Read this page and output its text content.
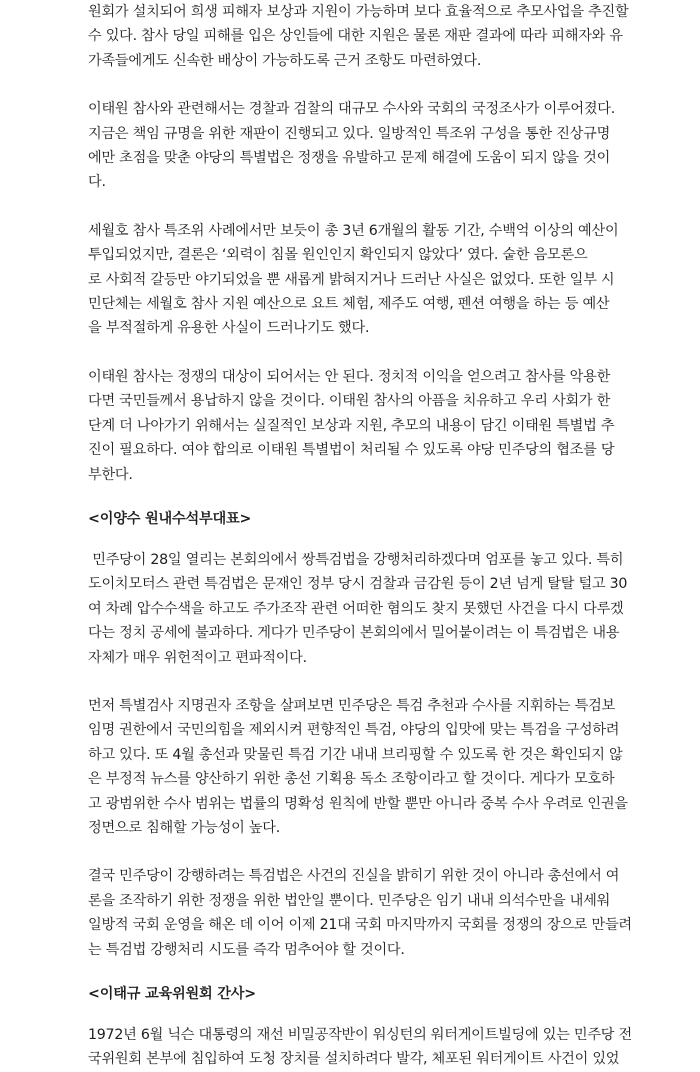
원회가 설치되어 희생 피해자 보상과 지원이 가능하며 보다 효율적으로 추모사업을 추진할
수 있다. 참사 당일 피해를 입은 상인들에 대한 지원은 물론 재판 결과에 따라 피해자와 유
가족들에게도 신속한 배상이 가능하도록 근거 조항도 마련하였다.

이태원 참사와 관련해서는 경찰과 검찰의 대규모 수사와 국회의 국정조사가 이루어졌다.
지금은 책임 규명을 위한 재판이 진행되고 있다. 일방적인 특조위 구성을 통한 진상규명
에만 초점을 맞춘 야당의 특별법은 정쟁을 유발하고 문제 해결에 도움이 되지 않을 것이
다.

세월호 참사 특조위 사례에서만 보듯이 총 3년 6개월의 활동 기간, 수백억 이상의 예산이
투입되었지만, 결론은 ‘외력이 침몰 원인인지 확인되지 않았다’ 였다. 숱한 음모론으
로 사회적 갈등만 야기되었을 뿐 새롭게 밝혀지거나 드러난 사실은 없었다. 또한 일부 시
민단체는 세월호 참사 지원 예산으로 요트 체험, 제주도 여행, 펜션 여행을 하는 등 예산
을 부적절하게 유용한 사실이 드러나기도 했다.

이태원 참사는 정쟁의 대상이 되어서는 안 된다. 정치적 이익을 얻으려고 참사를 악용한
다면 국민들께서 용납하지 않을 것이다. 이태원 참사의 아픔을 치유하고 우리 사회가 한
단계 더 나아가기 위해서는 실질적인 보상과 지원, 추모의 내용이 담긴 이태원 특별법 추
진이 필요하다. 여야 합의로 이태원 특별법이 처리될 수 있도록 야당 민주당의 협조를 당
부한다.

<이양수 원내수석부대표>

민주당이 28일 열리는 본회의에서 쌍특검법을 강행처리하겠다며 엄포를 놓고 있다. 특히
도이치모터스 관련 특검법은 문재인 정부 당시 검찰과 금감원 등이 2년 넘게 탈탈 털고 30
여 차례 압수수색을 하고도 주가조작 관련 어떠한 혐의도 찾지 못했던 사건을 다시 다루겠
다는 정치 공세에 불과하다. 게다가 민주당이 본회의에서 밀어붙이려는 이 특검법은 내용
자체가 매우 위헌적이고 편파적이다.

먼저 특별검사 지명권자 조항을 살펴보면 민주당은 특검 추천과 수사를 지휘하는 특검보
임명 권한에서 국민의힘을 제외시켜 편향적인 특검, 야당의 입맛에 맞는 특검을 구성하려
하고 있다. 또 4월 총선과 맞물린 특검 기간 내내 브리핑할 수 있도록 한 것은 확인되지 않
은 부정적 뉴스를 양산하기 위한 총선 기획용 독소 조항이라고 할 것이다. 게다가 모호하
고 광범위한 수사 범위는 법률의 명확성 원칙에 반할 뿐만 아니라 중복 수사 우려로 인권을
정면으로 침해할 가능성이 높다.

결국 민주당이 강행하려는 특검법은 사건의 진실을 밝히기 위한 것이 아니라 총선에서 여
론을 조작하기 위한 정쟁을 위한 법안일 뿐이다. 민주당은 임기 내내 의석수만을 내세워
일방적 국회 운영을 해온 데 이어 이제 21대 국회 마지막까지 국회를 정쟁의 장으로 만들려
는 특검법 강행처리 시도를 즉각 멈추어야 할 것이다.

<이태규 교육위원회 간사>

1972년 6월 닉슨 대통령의 재선 비밀공작반이 워싱턴의 워터게이트빌딩에 있는 민주당 전
국위원회 본부에 침입하여 도청 장치를 설치하려다 발각, 체포된 워터게이트 사건이 있었
